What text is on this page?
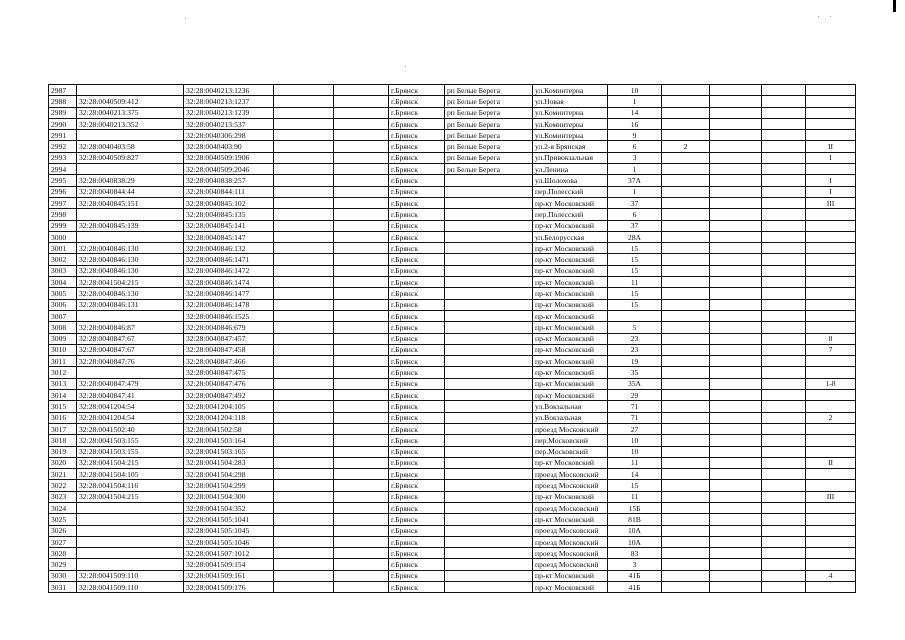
2987		32:28:0040213:1236			г.Брянск	рп Белые Берега	ул.Коминтерна	10				
2988	32:28:0040509:412	32:28:0040213:1237			г.Брянск	рп Белые Берега	ул.Новая	1				
2989	32:28:0040213:375	32:28:0040213:1239			г.Брянск	рп Белые Берега	ул.Коминтерна	14				
2990	32:28:0040213:352	32:28:0040213:537			г.Брянск	рп Белые Берега	ул.Коминтерна	16				
2991		32:28:0040306:298			г.Брянск	рп Белые Берега	ул.Коминтерна	9				
2992	32:28:0040403:58	32:28:0040403:90			г.Брянск	рп Белые Берега	ул.2-я Брянская	6	2			II
2993	32:28:0040509:827	32:28:0040509:1906			г.Брянск	рп Белые Берега	ул.Привокзальная	3				I
2994		32:28:0040509:2046			г.Брянск	рп Белые Берега	ул.Ленина	1				
2995	32:28:0040838:29	32:28:0040838:257			г.Брянск		ул.Шолохова	37А				I
2996	32:28:0040844:44	32:28:0040844:111			г.Брянск		пер.Полесский	1				I
2997	32:28:0040845:151	32:28:0040845:102			г.Брянск		пр-кт Московский	37				III
2998		32:28:0040845:135			г.Брянск		пер.Полесский	6				
2999	32:28:0040845:139	32:28:0040845:141			г.Брянск		пр-кт Московский	37				
3000		32:28:0040845:147			г.Брянск		ул.Белорусская	28А				
3001	32:28:0040846:130	32:28:0040846:132			г.Брянск		пр-кт Московский	15				
3002	32:28:0040846:130	32:28:0040846:1471			г.Брянск		пр-кт Московский	15				
3003	32:28:0040846:130	32:28:0040846:1472			г.Брянск		пр-кт Московский	15				
3004	32:28:0041504:215	32:28:0040846:1474			г.Брянск		пр-кт Московский	11				
3005	32:28:0040846:130	32:28:0040846:1477			г.Брянск		пр-кт Московский	15				
3006	32:28:0040846:131	32:28:0040846:1478			г.Брянск		пр-кт Московский	15				
3007		32:28:0040846:1525			г.Брянск		пр-кт Московский					
3008	32:28:0040846:87	32:28:0040846:679			г.Брянск		пр-кт Московский	5				
3009	32:28:0040847:67	32:28:0040847:457			г.Брянск		пр-кт Московский	23				8
3010	32:28:0040847:67	32:28:0040847:458			г.Брянск		пр-кт Московский	23				7
3011	32:28:0040847:76	32:28:0040847:466			г.Брянск		пр-кт Московский	19				
3012		32:28:0040847:475			г.Брянск		пр-кт Московский	35				
3013	32:28:0040847:479	32:28:0040847:476			г.Брянск		пр-кт Московский	35А				1-8
3014	32:28:0040847:41	32:28:0040847:492			г.Брянск		пр-кт Московский	29				
3015	32:28:0041204:54	32:28:0041204:105			г.Брянск		ул.Вокзальная	71				
3016	32:28:0041204:54	32:28:0041204:118			г.Брянск		ул.Вокзальная	71				2
3017	32:28:0041502:40	32:28:0041502:58			г.Брянск		проезд Московский	27				
3018	32:28:0041503:155	32:28:0041503:164			г.Брянск		пер.Московский	10				
3019	32:28:0041503:155	32:28:0041503:165			г.Брянск		пер.Московский	10				
3020	32:28:0041504:215	32:28:0041504:283			г.Брянск		пр-кт Московский	11				II
3021	32:28:0041504:105	32:28:0041504:298			г.Брянск		проезд Московский	14				
3022	32:28:0041504:116	32:28:0041504:299			г.Брянск		проезд Московский	15				
3023	32:28:0041504:215	32:28:0041504:300			г.Брянск		пр-кт Московский	11				III
3024		32:28:0041504:352			г.Брянск		проезд Московский	15Б				
3025		32:28:0041505:1041			г.Брянск		пр-кт Московский	81В				
3026		32:28:0041505:1045			г.Брянск		проезд Московский	10А				
3027		32:28:0041505:1046			г.Брянск		проезд Московский	10А				
3028		32:28:0041507:1012			г.Брянск		проезд Московский	83				
3029		32:28:0041509:154			г.Брянск		проезд Московский	3				
3030	32:28:0041509:110	32:28:0041509:161			г.Брянск		пр-кт Московский	41Б				4
3031	32:28:0041509:110	32:28:0041509:176			г.Брянск		пр-кт Московский	41Б				
